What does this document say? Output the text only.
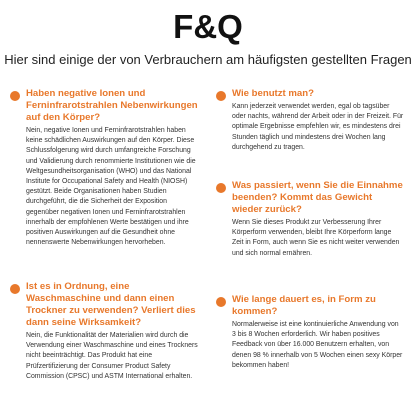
F&Q
Hier sind einige der von Verbrauchern am häufigsten gestellten Fragen
Haben negative Ionen und Ferninfrarotstrahlen Nebenwirkungen auf den Körper?
Nein, negative Ionen und Ferninfrarotstrahlen haben keine schädlichen Auswirkungen auf den Körper. Diese Schlussfolgerung wird durch umfangreiche Forschung und Validierung durch renommierte Institutionen wie die Weltgesundheitsorganisation (WHO) und das National Institute for Occupational Safety and Health (NIOSH) gestützt. Beide Organisationen haben Studien durchgeführt, die die Sicherheit der Exposition gegenüber negativen Ionen und Ferninfrarotstrahlen innerhalb der empfohlenen Werte bestätigen und ihre positiven Auswirkungen auf die Gesundheit ohne nennenswerte Nebenwirkungen hervorheben.
Ist es in Ordnung, eine Waschmaschine und dann einen Trockner zu verwenden? Verliert dies dann seine Wirksamkeit?
Nein, die Funktionalität der Materialien wird durch die Verwendung einer Waschmaschine und eines Trockners nicht beeinträchtigt. Das Produkt hat eine Prüfzertifizierung der Consumer Product Safety Commission (CPSC) und ASTM International erhalten.
Wie benutzt man?
Kann jederzeit verwendet werden, egal ob tagsüber oder nachts, während der Arbeit oder in der Freizeit. Für optimale Ergebnisse empfehlen wir, es mindestens drei Stunden täglich und mindestens drei Wochen lang durchgehend zu tragen.
Was passiert, wenn Sie die Einnahme beenden? Kommt das Gewicht wieder zurück?
Wenn Sie dieses Produkt zur Verbesserung Ihrer Körperform verwenden, bleibt Ihre Körperform lange Zeit in Form, auch wenn Sie es nicht weiter verwenden und sich normal ernähren.
Wie lange dauert es, in Form zu kommen?
Normalerweise ist eine kontinuierliche Anwendung von 3 bis 8 Wochen erforderlich. Wir haben positives Feedback von über 16.000 Benutzern erhalten, von denen 98 % innerhalb von 5 Wochen einen sexy Körper bekommen haben!
